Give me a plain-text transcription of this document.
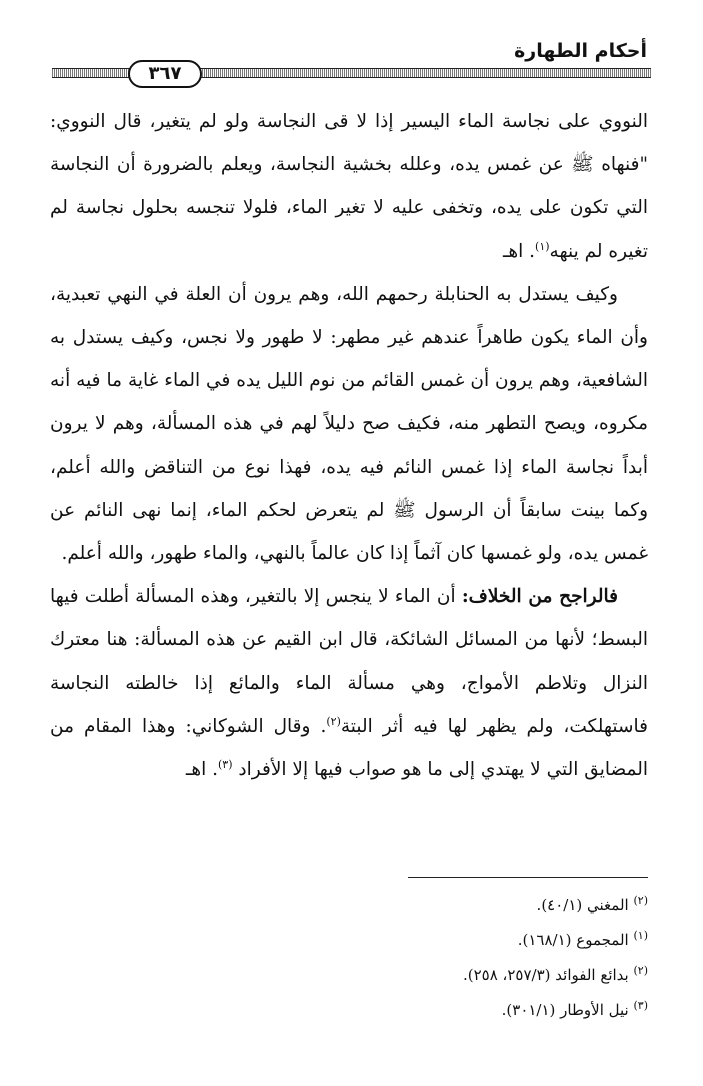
أحكام الطهارة
٣٦٧

النووي على نجاسة الماء اليسير إذا لا قى النجاسة ولو لم يتغير، قال النووي: "فنهاه ﷺ عن غمس يده، وعلله بخشية النجاسة، ويعلم بالضرورة أن النجاسة التي تكون على يده، وتخفى عليه لا تغير الماء، فلولا تنجسه بحلول نجاسة لم تغيره لم ينهه$^{(١)}$. اهـ

وكيف يستدل به الحنابلة رحمهم الله، وهم يرون أن العلة في النهي تعبدية، وأن الماء يكون طاهراً عندهم غير مطهر: لا طهور ولا نجس، وكيف يستدل به الشافعية، وهم يرون أن غمس القائم من نوم الليل يده في الماء غاية ما فيه أنه مكروه، ويصح التطهر منه، فكيف صح دليلاً لهم في هذه المسألة، وهم لا يرون أبداً نجاسة الماء إذا غمس النائم فيه يده، فهذا نوع من التناقض والله أعلم، وكما بينت سابقاً أن الرسول ﷺ لم يتعرض لحكم الماء، إنما نهى النائم عن غمس يده، ولو غمسها كان آثماً إذا كان عالماً بالنهي، والماء طهور، والله أعلم.

فالراجح من الخلاف: أن الماء لا ينجس إلا بالتغير، وهذه المسألة أطلت فيها البسط؛ لأنها من المسائل الشائكة، قال ابن القيم عن هذه المسألة: هنا معترك النزال وتلاطم الأمواج، وهي مسألة الماء والمائع إذا خالطته النجاسة فاستهلكت، ولم يظهر لها فيه أثر البتة$^{(٢)}$. وقال الشوكاني: وهذا المقام من المضايق التي لا يهتدي إلى ما هو صواب فيها إلا الأفراد $^{(٣)}$. اهـ

$^{(٢)}$ المغني (٤٠/١).

$^{(١)}$ المجموع (١٦٨/١).

$^{(٢)}$ بدائع الفوائد (٢٥٧/٣، ٢٥٨).

$^{(٣)}$ نيل الأوطار (٣٠١/١).
